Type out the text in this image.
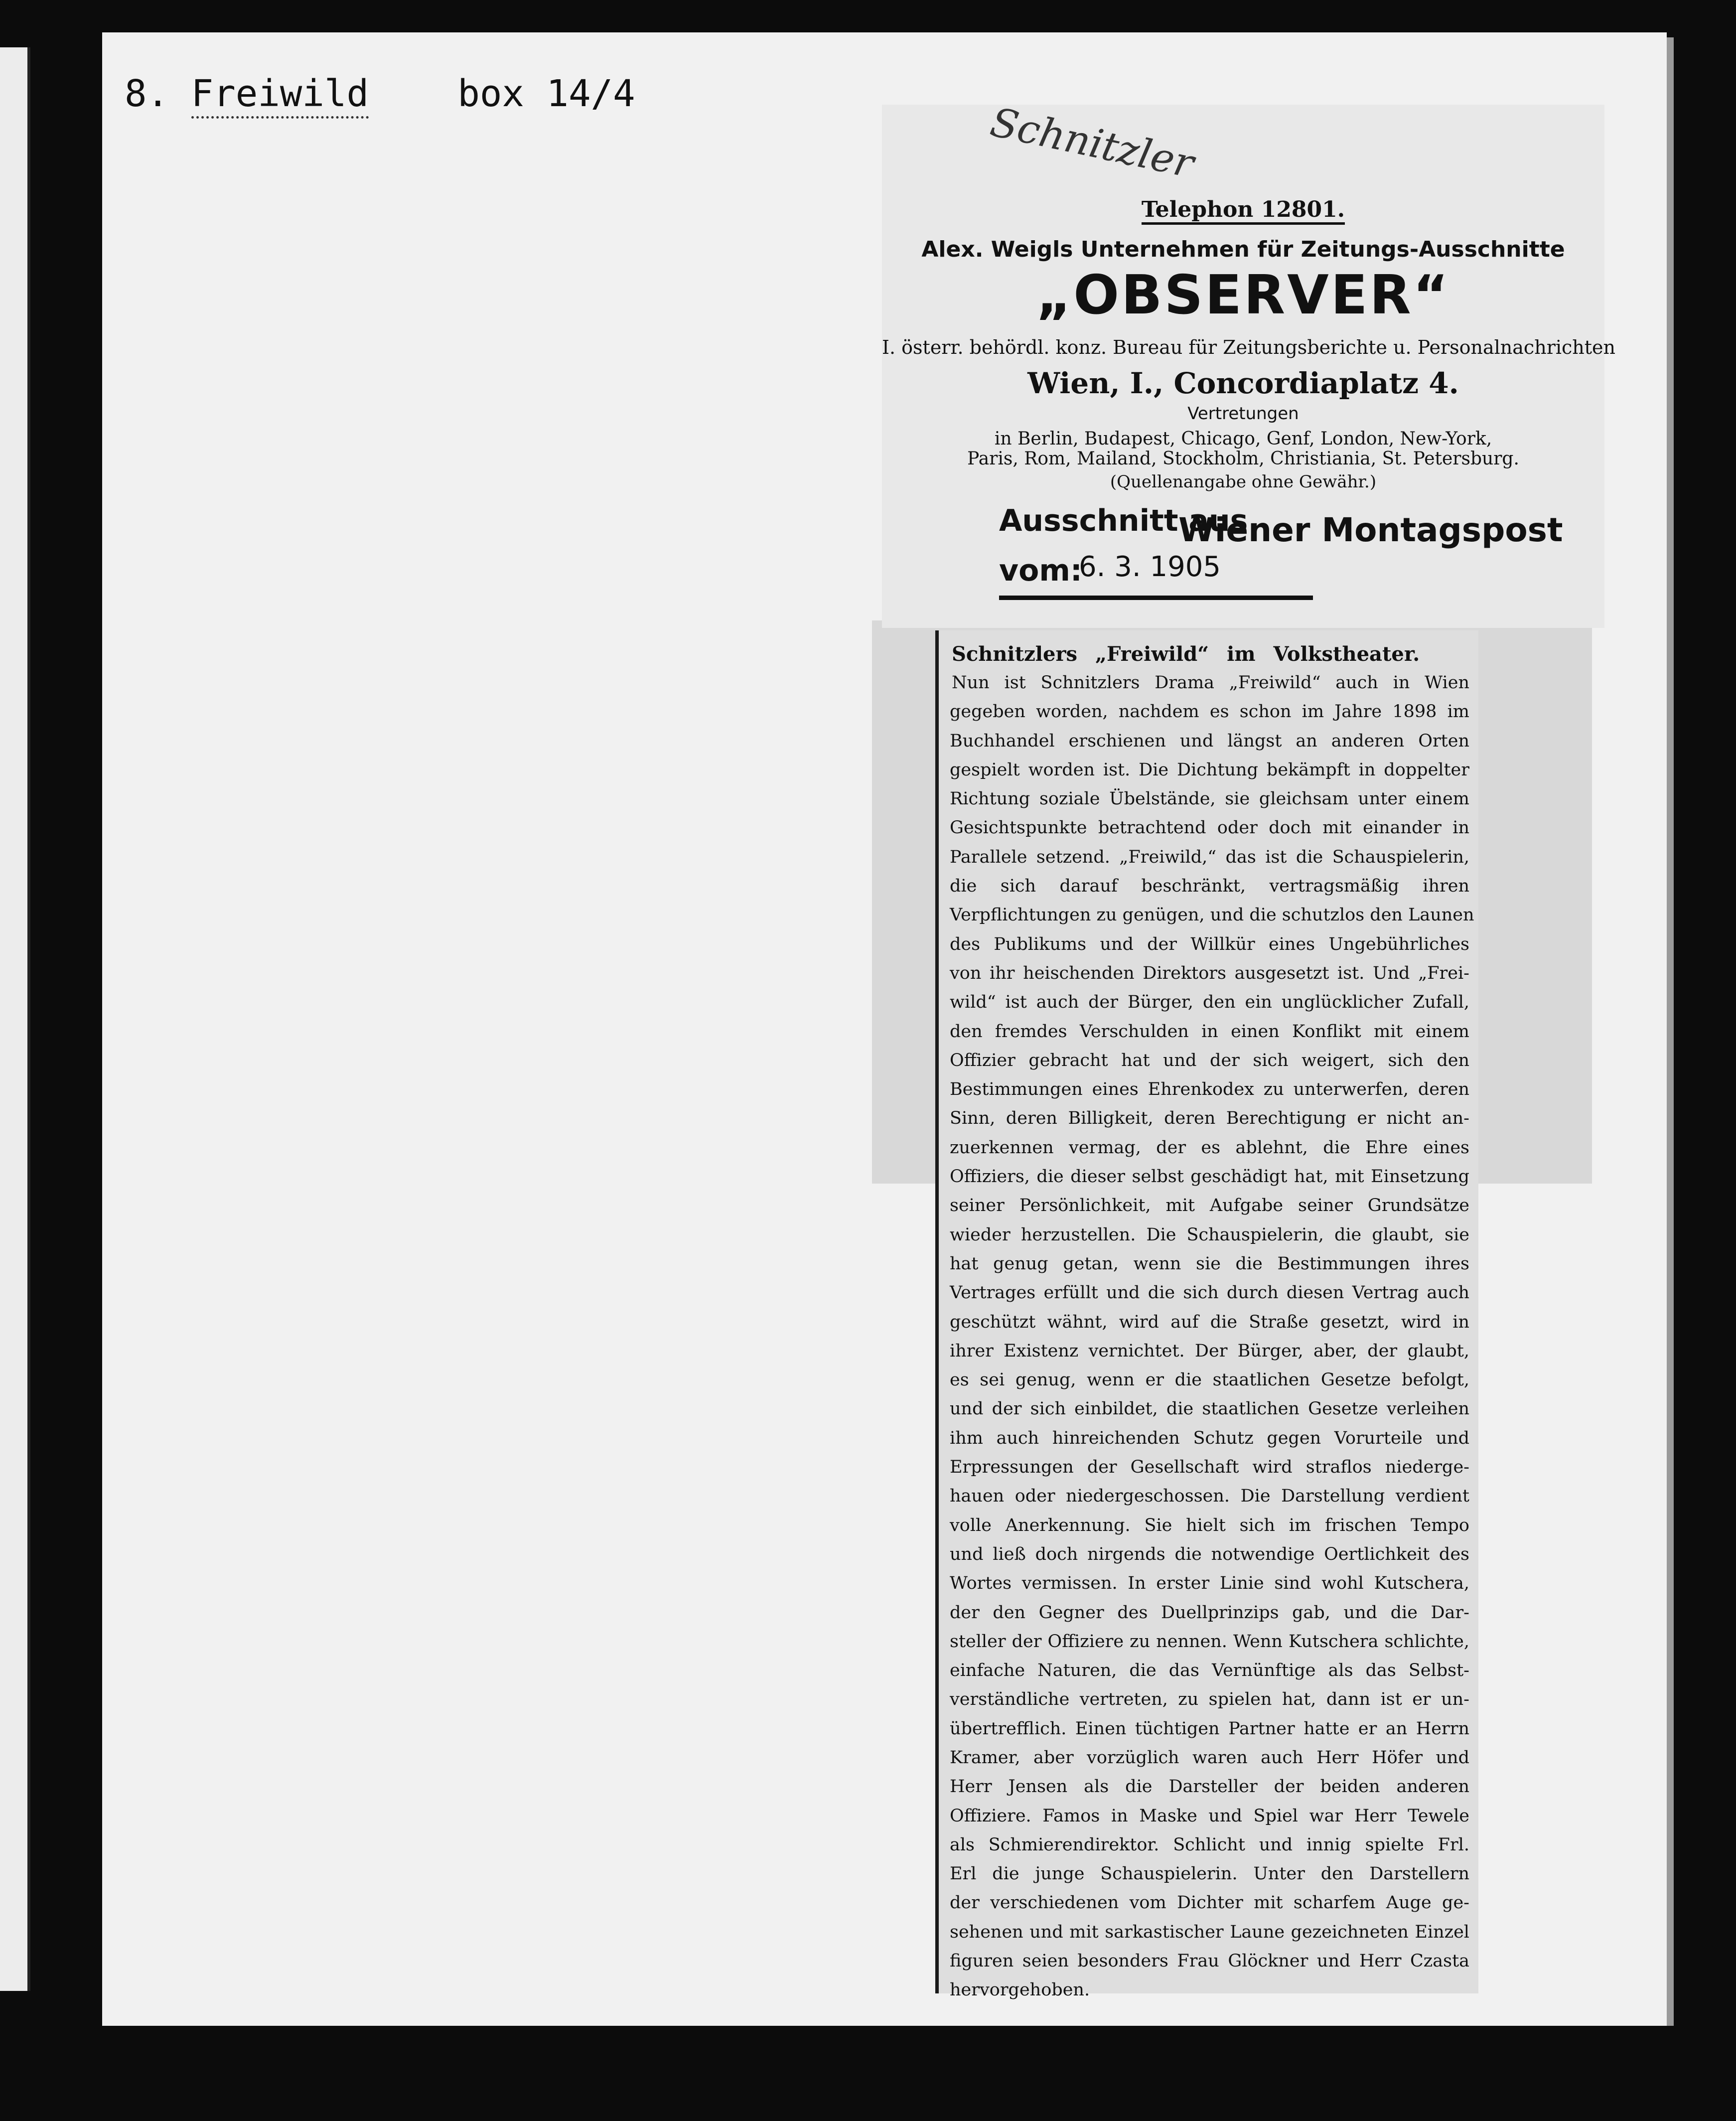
8. Freiwild box 14/4
Schnitzler
Telephon 12801.
Alex. Weigls Unternehmen für Zeitungs-Ausschnitte
„OBSERVER“
I. österr. behördl. konz. Bureau für Zeitungsberichte u. Personalnachrichten
Wien, I., Concordiaplatz 4.
Vertretungen
in Berlin, Budapest, Chicago, Genf, London, New-York,
Paris, Rom, Mailand, Stockholm, Christiania, St. Petersburg.
(Quellenangabe ohne Gewähr.)
Ausschnitt aus
Wiener Montagspost
vom:
6. 3. 1905
Schnitzlers „Freiwild“ im Volkstheater.
Nun ist Schnitzlers Drama „Freiwild“ auch in Wien
gegeben worden, nachdem es schon im Jahre 1898 im
Buchhandel erschienen und längst an anderen Orten
gespielt worden ist. Die Dichtung bekämpft in doppelter
Richtung soziale Übelstände, sie gleichsam unter einem
Gesichtspunkte betrachtend oder doch mit einander in
Parallele setzend. „Freiwild,“ das ist die Schauspielerin,
die sich darauf beschränkt, vertragsmäßig ihren
Verpflichtungen zu genügen, und die schutzlos den Launen
des Publikums und der Willkür eines Ungebührliches
von ihr heischenden Direktors ausgesetzt ist. Und „Frei-
wild“ ist auch der Bürger, den ein unglücklicher Zufall,
den fremdes Verschulden in einen Konflikt mit einem
Offizier gebracht hat und der sich weigert, sich den
Bestimmungen eines Ehrenkodex zu unterwerfen, deren
Sinn, deren Billigkeit, deren Berechtigung er nicht an-
zuerkennen vermag, der es ablehnt, die Ehre eines
Offiziers, die dieser selbst geschädigt hat, mit Einsetzung
seiner Persönlichkeit, mit Aufgabe seiner Grundsätze
wieder herzustellen. Die Schauspielerin, die glaubt, sie
hat genug getan, wenn sie die Bestimmungen ihres
Vertrages erfüllt und die sich durch diesen Vertrag auch
geschützt wähnt, wird auf die Straße gesetzt, wird in
ihrer Existenz vernichtet. Der Bürger, aber, der glaubt,
es sei genug, wenn er die staatlichen Gesetze befolgt,
und der sich einbildet, die staatlichen Gesetze verleihen
ihm auch hinreichenden Schutz gegen Vorurteile und
Erpressungen der Gesellschaft wird straflos niederge-
hauen oder niedergeschossen. Die Darstellung verdient
volle Anerkennung. Sie hielt sich im frischen Tempo
und ließ doch nirgends die notwendige Oertlichkeit des
Wortes vermissen. In erster Linie sind wohl Kutschera,
der den Gegner des Duellprinzips gab, und die Dar-
steller der Offiziere zu nennen. Wenn Kutschera schlichte,
einfache Naturen, die das Vernünftige als das Selbst-
verständliche vertreten, zu spielen hat, dann ist er un-
übertrefflich. Einen tüchtigen Partner hatte er an Herrn
Kramer, aber vorzüglich waren auch Herr Höfer und
Herr Jensen als die Darsteller der beiden anderen
Offiziere. Famos in Maske und Spiel war Herr Tewele
als Schmierendirektor. Schlicht und innig spielte Frl.
Erl die junge Schauspielerin. Unter den Darstellern
der verschiedenen vom Dichter mit scharfem Auge ge-
sehenen und mit sarkastischer Laune gezeichneten Einzel
figuren seien besonders Frau Glöckner und Herr Czasta
hervorgehoben.
